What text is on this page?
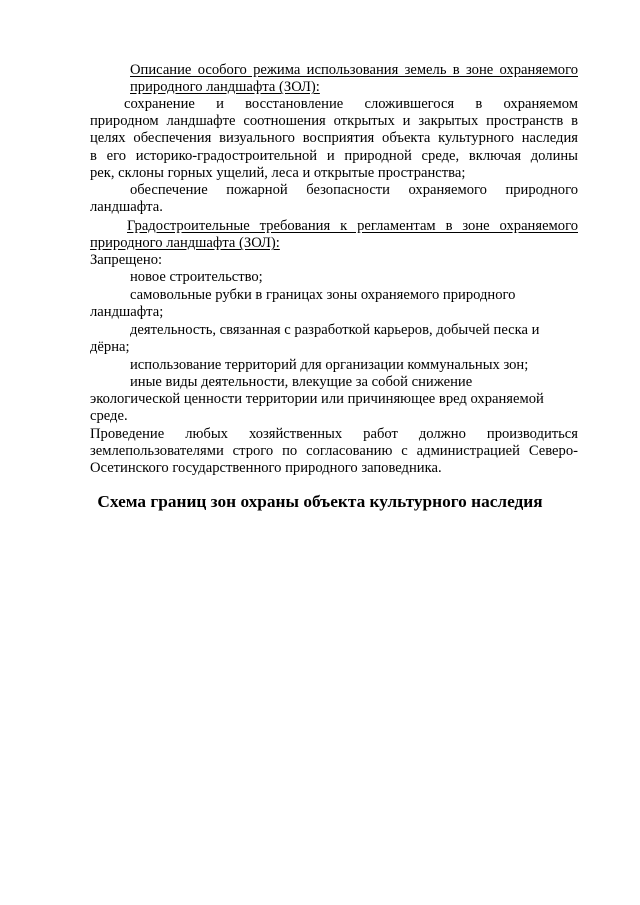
Описание особого режима использования земель в зоне охраняемого
природного ландшафта (ЗОЛ):
сохранение и восстановление сложившегося в охраняемом
природном ландшафте соотношения открытых и закрытых пространств в
целях обеспечения визуального восприятия объекта культурного наследия
в его историко-градостроительной и природной среде, включая долины
рек, склоны горных ущелий, леса и открытые пространства;
обеспечение пожарной безопасности охраняемого природного
ландшафта.
Градостроительные требования к регламентам в зоне охраняемого
природного ландшафта (ЗОЛ):
Запрещено:
новое строительство;
самовольные рубки в границах зоны охраняемого природного
ландшафта;
деятельность, связанная с разработкой карьеров, добычей песка и
дёрна;
использование территорий для организации коммунальных зон;
иные виды деятельности, влекущие за собой снижение
экологической ценности территории или причиняющее вред охраняемой
среде.
Проведение любых хозяйственных работ должно производиться
землепользователями строго по согласованию с администрацией Северо-
Осетинского государственного природного заповедника.
Схема границ зон охраны объекта культурного наследия
